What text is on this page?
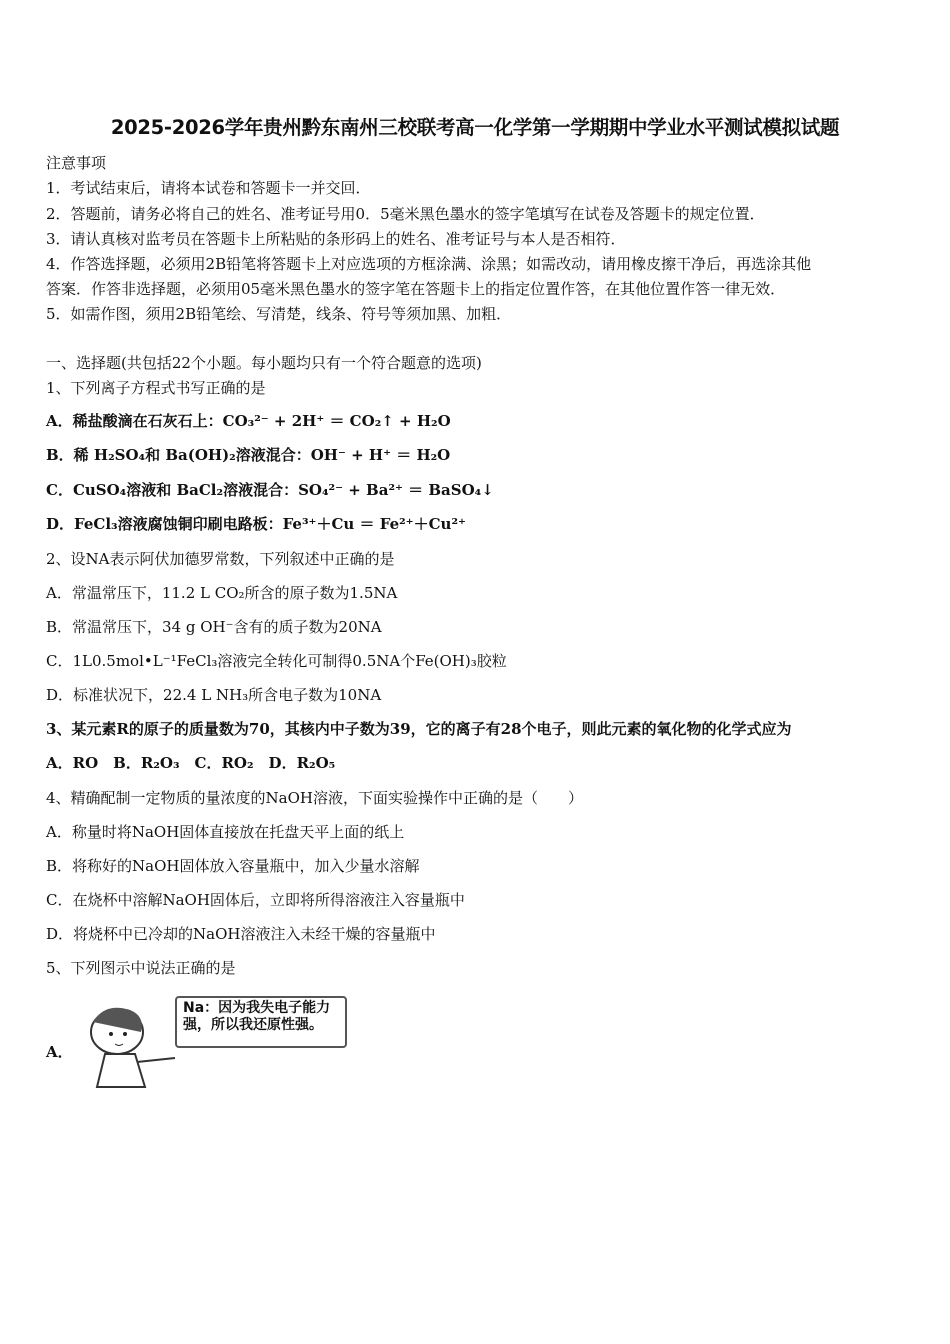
2025-2026学年贵州黔东南州三校联考高一化学第一学期期中学业水平测试模拟试题
注意事项
1．考试结束后，请将本试卷和答题卡一并交回．
2．答题前，请务必将自己的姓名、准考证号用0．5毫米黑色墨水的签字笔填写在试卷及答题卡的规定位置．
3．请认真核对监考员在答题卡上所粘贴的条形码上的姓名、准考证号与本人是否相符．
4．作答选择题，必须用2B铅笔将答题卡上对应选项的方框涂满、涂黑；如需改动，请用橡皮擦干净后，再选涂其他
答案．作答非选择题，必须用05毫米黑色墨水的签字笔在答题卡上的指定位置作答，在其他位置作答一律无效．
5．如需作图，须用2B铅笔绘、写清楚，线条、符号等须加黑、加粗．
一、选择题(共包括22个小题。每小题均只有一个符合题意的选项)
1、下列离子方程式书写正确的是
A．稀盐酸滴在石灰石上：CO₃²⁻ + 2H⁺ ＝ CO₂↑ + H₂O
B．稀 H₂SO₄和 Ba(OH)₂溶液混合：OH⁻ + H⁺ ＝ H₂O
C．CuSO₄溶液和 BaCl₂溶液混合：SO₄²⁻ + Ba²⁺ ＝ BaSO₄↓
D．FeCl₃溶液腐蚀铜印刷电路板：Fe³⁺＋Cu ＝ Fe²⁺＋Cu²⁺
2、设NA表示阿伏加德罗常数，下列叙述中正确的是
A．常温常压下，11.2 L CO₂所含的原子数为1.5NA
B．常温常压下，34 g OH⁻含有的质子数为20NA
C．1L0.5mol•L⁻¹FeCl₃溶液完全转化可制得0.5NA个Fe(OH)₃胶粒
D．标准状况下，22.4 L NH₃所含电子数为10NA
3、某元素R的原子的质量数为70，其核内中子数为39，它的离子有28个电子，则此元素的氧化物的化学式应为
A．RO　B．R₂O₃　C．RO₂　D．R₂O₅
4、精确配制一定物质的量浓度的NaOH溶液，下面实验操作中正确的是（　　）
A．称量时将NaOH固体直接放在托盘天平上面的纸上
B．将称好的NaOH固体放入容量瓶中，加入少量水溶解
C．在烧杯中溶解NaOH固体后，立即将所得溶液注入容量瓶中
D．将烧杯中已冷却的NaOH溶液注入未经干燥的容量瓶中
5、下列图示中说法正确的是
A．
Na：因为我失电子能力强，所以我还原性强。
